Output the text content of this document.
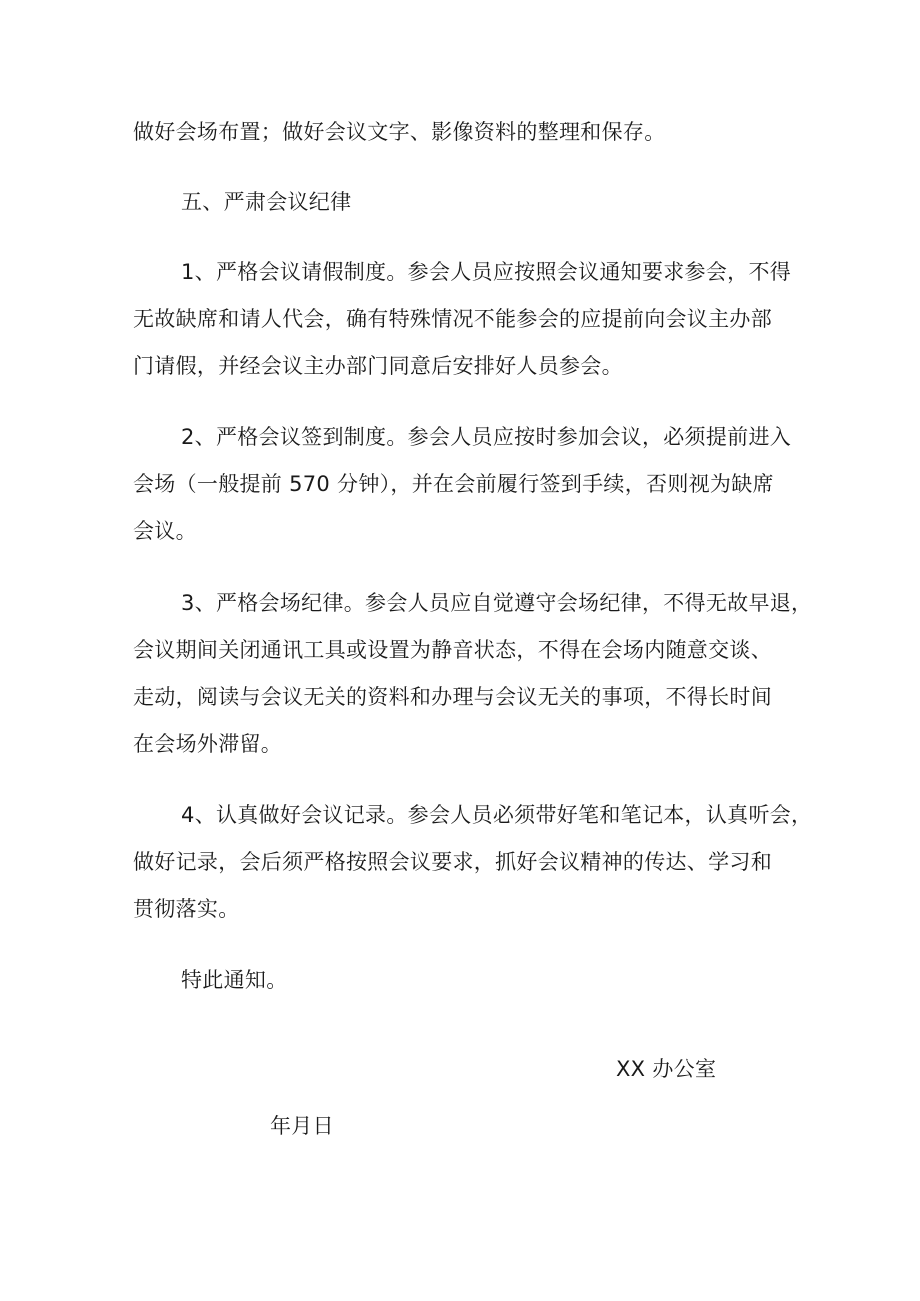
做好会场布置；做好会议文字、影像资料的整理和保存。
五、严肃会议纪律
1、严格会议请假制度。参会人员应按照会议通知要求参会，不得
无故缺席和请人代会，确有特殊情况不能参会的应提前向会议主办部
门请假，并经会议主办部门同意后安排好人员参会。
2、严格会议签到制度。参会人员应按时参加会议，必须提前进入
会场（一般提前 570 分钟），并在会前履行签到手续，否则视为缺席
会议。
3、严格会场纪律。参会人员应自觉遵守会场纪律，不得无故早退，
会议期间关闭通讯工具或设置为静音状态，不得在会场内随意交谈、
走动，阅读与会议无关的资料和办理与会议无关的事项，不得长时间
在会场外滞留。
4、认真做好会议记录。参会人员必须带好笔和笔记本，认真听会，
做好记录，会后须严格按照会议要求，抓好会议精神的传达、学习和
贯彻落实。
特此通知。
XX 办公室
年月日
